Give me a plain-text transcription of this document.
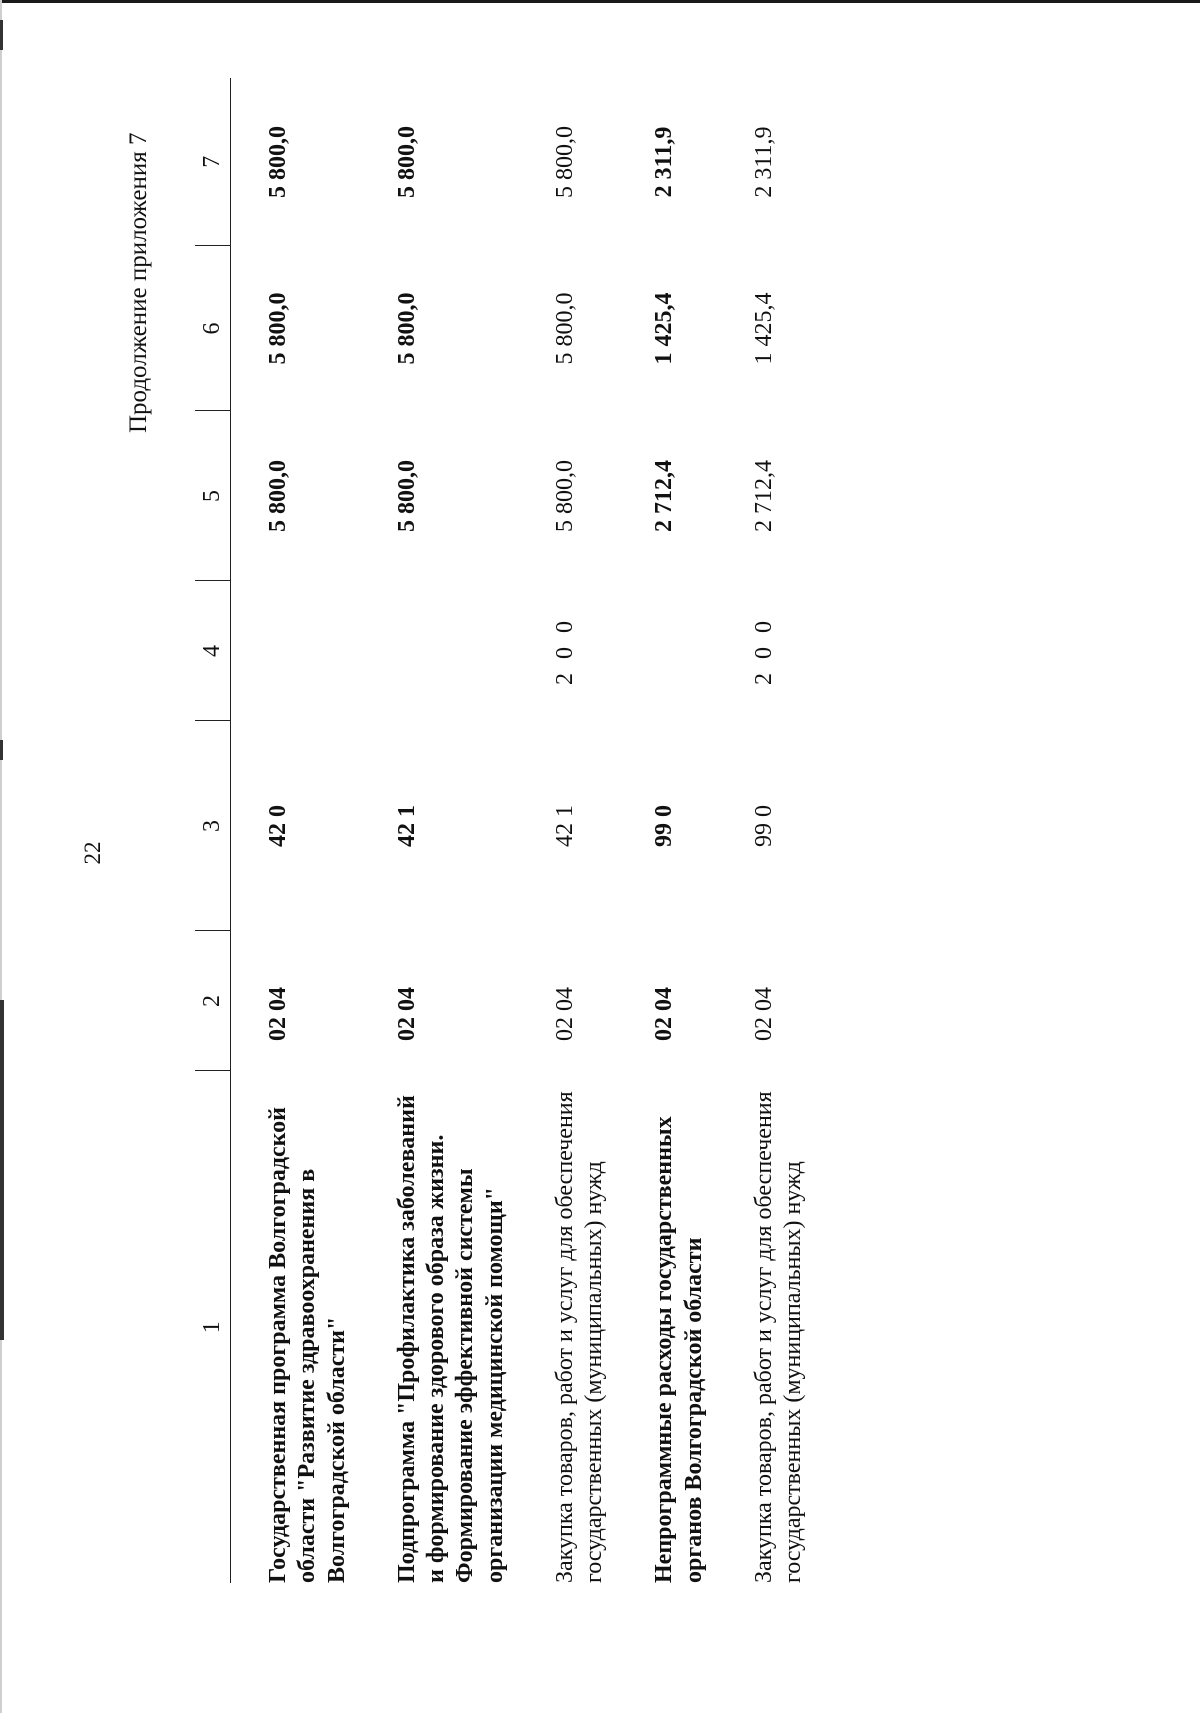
22
Продолжение приложения 7
1	2	3	4	5	6	7
Государственная программа Волгоградской области "Развитие здравоохранения в Волгоградской области"	02 04	42 0		5 800,0	5 800,0	5 800,0
Подпрограмма "Профилактика заболеваний и формирование здорового образа жизни. Формирование эффективной системы организации медицинской помощи"	02 04	42 1		5 800,0	5 800,0	5 800,0
Закупка товаров, работ и услуг для обеспечения государственных (муниципальных) нужд	02 04	42 1	2 0 0	5 800,0	5 800,0	5 800,0
Непрограммные расходы государственных органов Волгоградской области	02 04	99 0		2 712,4	1 425,4	2 311,9
Закупка товаров, работ и услуг для обеспечения государственных (муниципальных) нужд	02 04	99 0	2 0 0	2 712,4	1 425,4	2 311,9
